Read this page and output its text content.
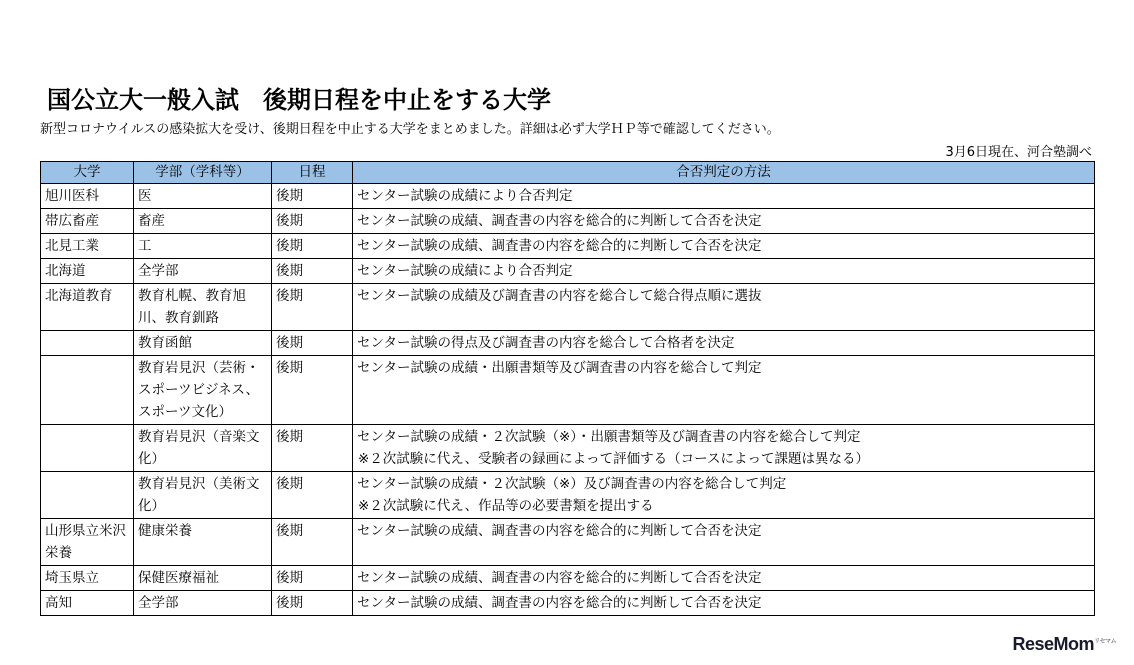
国公立大一般入試　後期日程を中止をする大学
新型コロナウイルスの感染拡大を受け、後期日程を中止する大学をまとめました。詳細は必ず大学ＨＰ等で確認してください。
3月6日現在、河合塾調べ
大学	学部（学科等）	日程	合否判定の方法
旭川医科	医	後期	センター試験の成績により合否判定
帯広畜産	畜産	後期	センター試験の成績、調査書の内容を総合的に判断して合否を決定
北見工業	工	後期	センター試験の成績、調査書の内容を総合的に判断して合否を決定
北海道	全学部	後期	センター試験の成績により合否判定
北海道教育	教育札幌、教育旭川、教育釧路	後期	センター試験の成績及び調査書の内容を総合して総合得点順に選抜
	教育函館	後期	センター試験の得点及び調査書の内容を総合して合格者を決定
	教育岩見沢（芸術・スポーツビジネス、スポーツ文化）	後期	センター試験の成績・出願書類等及び調査書の内容を総合して判定
	教育岩見沢（音楽文化）	後期	センター試験の成績・２次試験（※）・出願書類等及び調査書の内容を総合して判定
※２次試験に代え、受験者の録画によって評価する（コースによって課題は異なる）

	教育岩見沢（美術文化）	後期	センター試験の成績・２次試験（※）及び調査書の内容を総合して判定
※２次試験に代え、作品等の必要書類を提出する

山形県立米沢栄養	健康栄養	後期	センター試験の成績、調査書の内容を総合的に判断して合否を決定
埼玉県立	保健医療福祉	後期	センター試験の成績、調査書の内容を総合的に判断して合否を決定
高知	全学部	後期	センター試験の成績、調査書の内容を総合的に判断して合否を決定
ReseMom$^{リセマム}$
